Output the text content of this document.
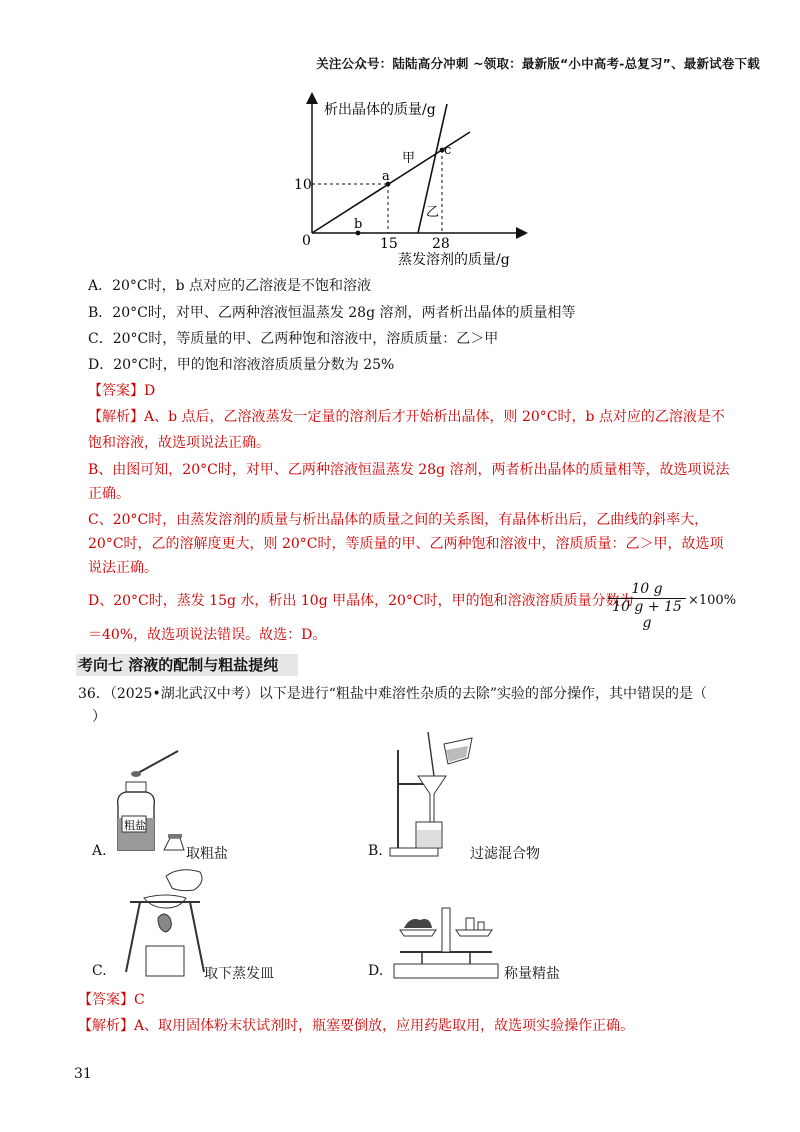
关注公众号：陆陆高分冲刺 ~领取：最新版“小中高考-总复习”、最新试卷下载
析出晶体的质量/g
蒸发溶剂的质量/g
0
10
15 28
a
b
c
甲
乙
A．20°C时，b 点对应的乙溶液是不饱和溶液
B．20°C时，对甲、乙两种溶液恒温蒸发 28g 溶剂，两者析出晶体的质量相等
C．20°C时，等质量的甲、乙两种饱和溶液中，溶质质量：乙＞甲
D．20°C时，甲的饱和溶液溶质质量分数为 25%
【答案】D
【解析】A、b 点后，乙溶液蒸发一定量的溶剂后才开始析出晶体，则 20°C时，b 点对应的乙溶液是不
饱和溶液，故选项说法正确。
B、由图可知，20°C时，对甲、乙两种溶液恒温蒸发 28g 溶剂，两者析出晶体的质量相等，故选项说法
正确。
C、20°C时，由蒸发溶剂的质量与析出晶体的质量之间的关系图，有晶体析出后，乙曲线的斜率大，
20°C时，乙的溶解度更大，则 20°C时，等质量的甲、乙两种饱和溶液中，溶质质量：乙＞甲，故选项
说法正确。
D、20°C时，蒸发 15g 水，析出 10g 甲晶体，20°C时，甲的饱和溶液溶质质量分数为
$\frac{10 g}{10 g + 15 g} \times 100\%$
＝40%，故选项说法错误。故选：D。
考向七 溶液的配制与粗盐提纯
36．（2025•湖北武汉中考）以下是进行“粗盐中难溶性杂质的去除”实验的部分操作，其中错误的是（
）
粗盐
A.	取粗盐	B.	过滤混合物
C.	取下蒸发皿	D.	称量精盐
【答案】C
【解析】A、取用固体粉末状试剂时，瓶塞要倒放，应用药匙取用，故选项实验操作正确。
31
